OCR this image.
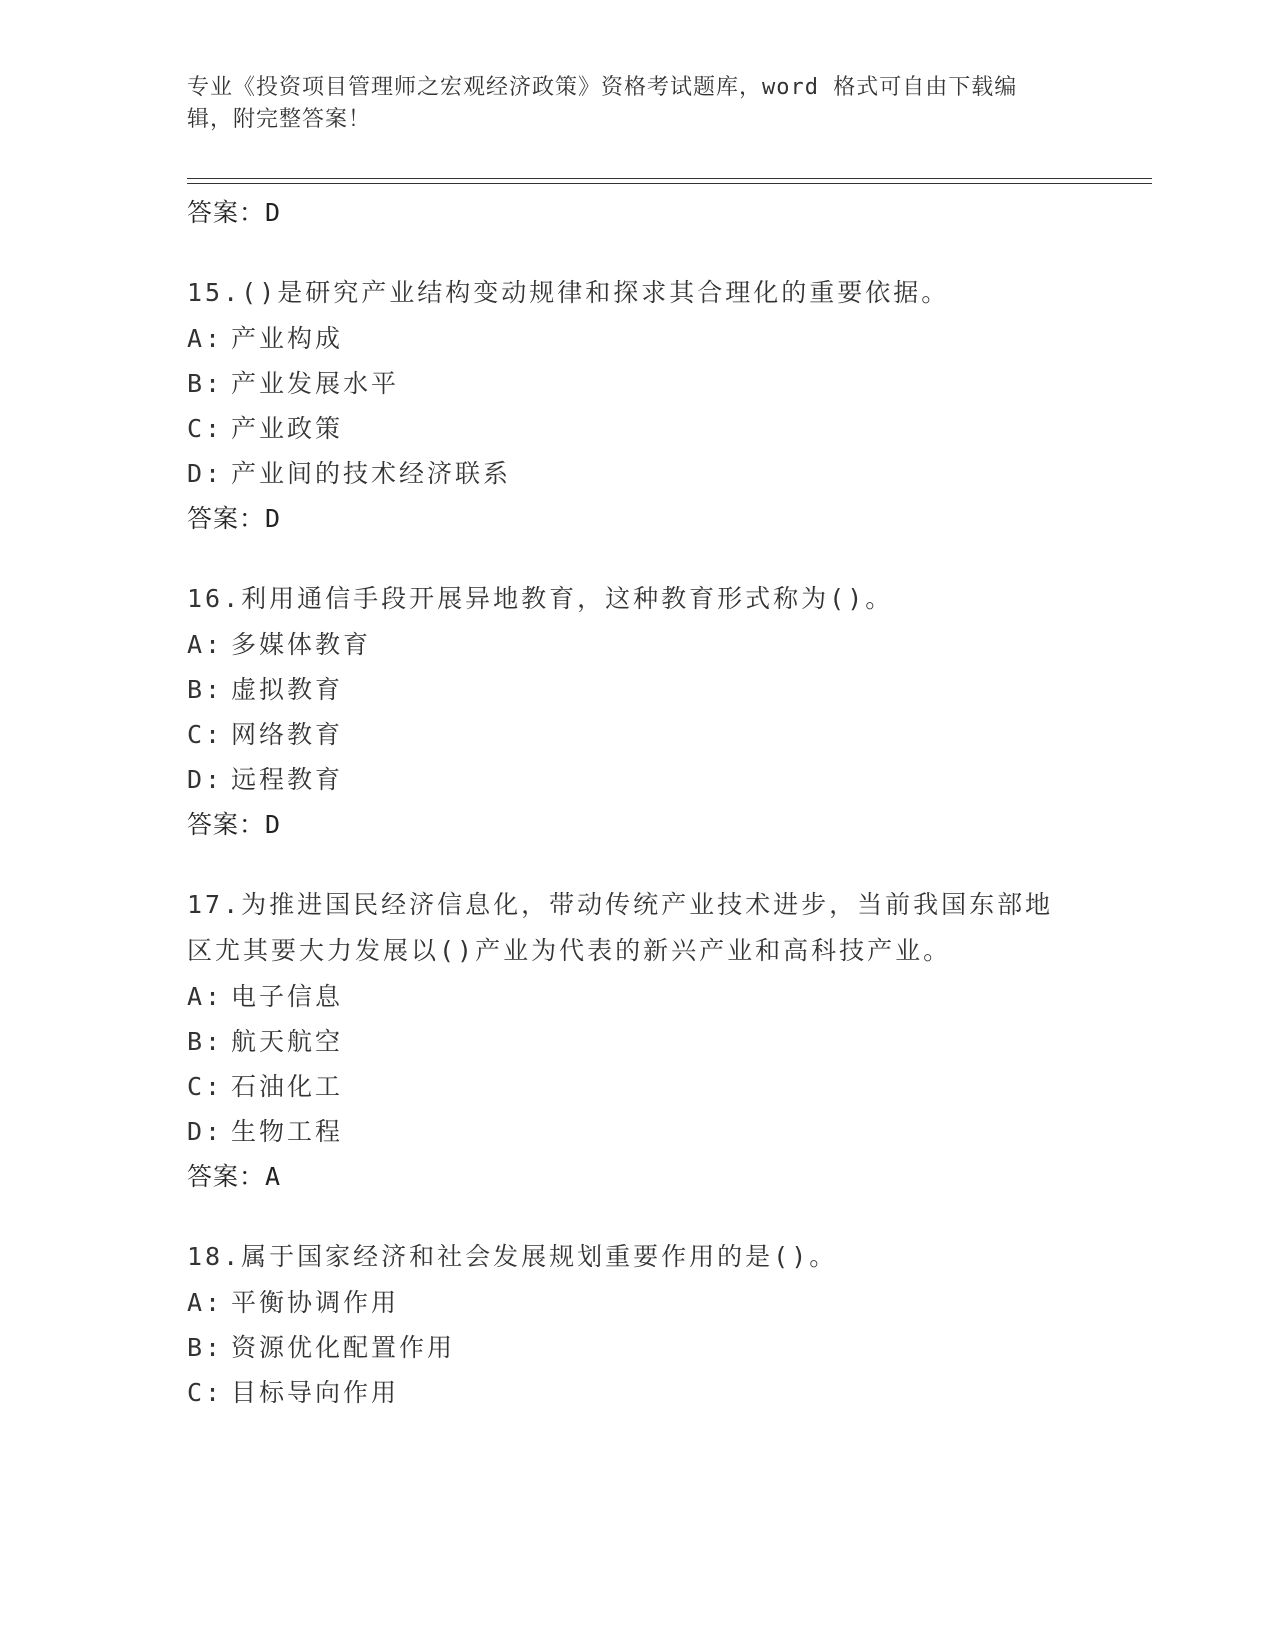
专业《投资项目管理师之宏观经济政策》资格考试题库，word 格式可自由下载编
辑，附完整答案！
答案：D
15.()是研究产业结构变动规律和探求其合理化的重要依据。
A: 产业构成
B: 产业发展水平
C: 产业政策
D: 产业间的技术经济联系
答案：D
16.利用通信手段开展异地教育，这种教育形式称为()。
A: 多媒体教育
B: 虚拟教育
C: 网络教育
D: 远程教育
答案：D
17.为推进国民经济信息化，带动传统产业技术进步，当前我国东部地
区尤其要大力发展以()产业为代表的新兴产业和高科技产业。
A: 电子信息
B: 航天航空
C: 石油化工
D: 生物工程
答案：A
18.属于国家经济和社会发展规划重要作用的是()。
A: 平衡协调作用
B: 资源优化配置作用
C: 目标导向作用
